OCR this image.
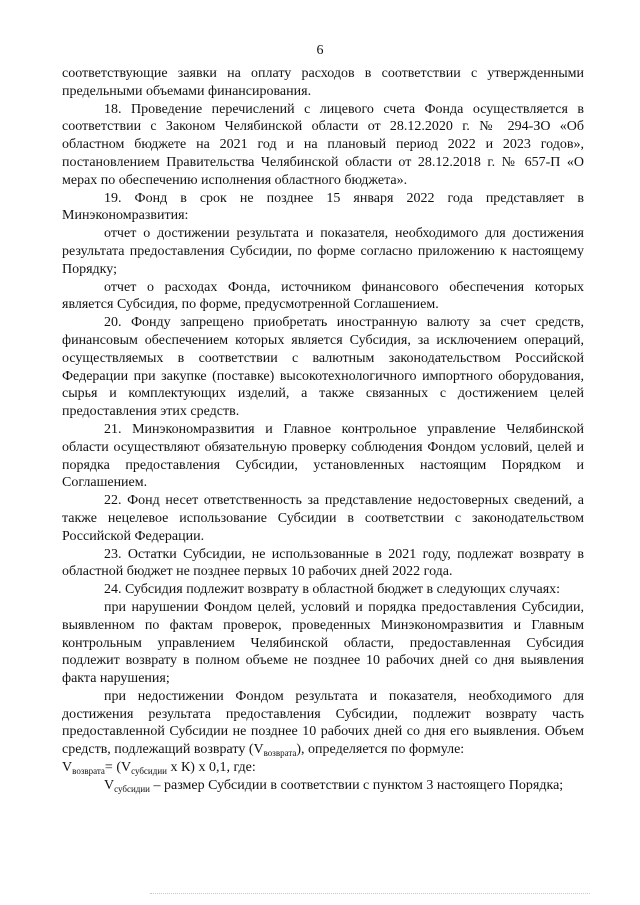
6

соответствующие заявки на оплату расходов в соответствии с утвержденными предельными объемами финансирования.

18. Проведение перечислений с лицевого счета Фонда осуществляется в соответствии с Законом Челябинской области от 28.12.2020 г. № 294-ЗО «Об областном бюджете на 2021 год и на плановый период 2022 и 2023 годов», постановлением Правительства Челябинской области от 28.12.2018 г. № 657-П «О мерах по обеспечению исполнения областного бюджета».

19. Фонд в срок не позднее 15 января 2022 года представляет в Минэкономразвития:

отчет о достижении результата и показателя, необходимого для достижения результата предоставления Субсидии, по форме согласно приложению к настоящему Порядку;

отчет о расходах Фонда, источником финансового обеспечения которых является Субсидия, по форме, предусмотренной Соглашением.

20. Фонду запрещено приобретать иностранную валюту за счет средств, финансовым обеспечением которых является Субсидия, за исключением операций, осуществляемых в соответствии с валютным законодательством Российской Федерации при закупке (поставке) высокотехнологичного импортного оборудования, сырья и комплектующих изделий, а также связанных с достижением целей предоставления этих средств.

21. Минэкономразвития и Главное контрольное управление Челябинской области осуществляют обязательную проверку соблюдения Фондом условий, целей и порядка предоставления Субсидии, установленных настоящим Порядком и Соглашением.

22. Фонд несет ответственность за представление недостоверных сведений, а также нецелевое использование Субсидии в соответствии с законодательством Российской Федерации.

23. Остатки Субсидии, не использованные в 2021 году, подлежат возврату в областной бюджет не позднее первых 10 рабочих дней 2022 года.

24. Субсидия подлежит возврату в областной бюджет в следующих случаях:

при нарушении Фондом целей, условий и порядка предоставления Субсидии, выявленном по фактам проверок, проведенных Минэкономразвития и Главным контрольным управлением Челябинской области, предоставленная Субсидия подлежит возврату в полном объеме не позднее 10 рабочих дней со дня выявления факта нарушения;

при недостижении Фондом результата и показателя, необходимого для достижения результата предоставления Субсидии, подлежит возврату часть предоставленной Субсидии не позднее 10 рабочих дней со дня его выявления. Объем средств, подлежащий возврату $(V_{возврата})$, определяется по формуле:

$V_{возврата}= (V_{субсидии}$ x К) x 0,1, где:

$V_{субсидии}$ – размер Субсидии в соответствии с пунктом 3 настоящего Порядка;
